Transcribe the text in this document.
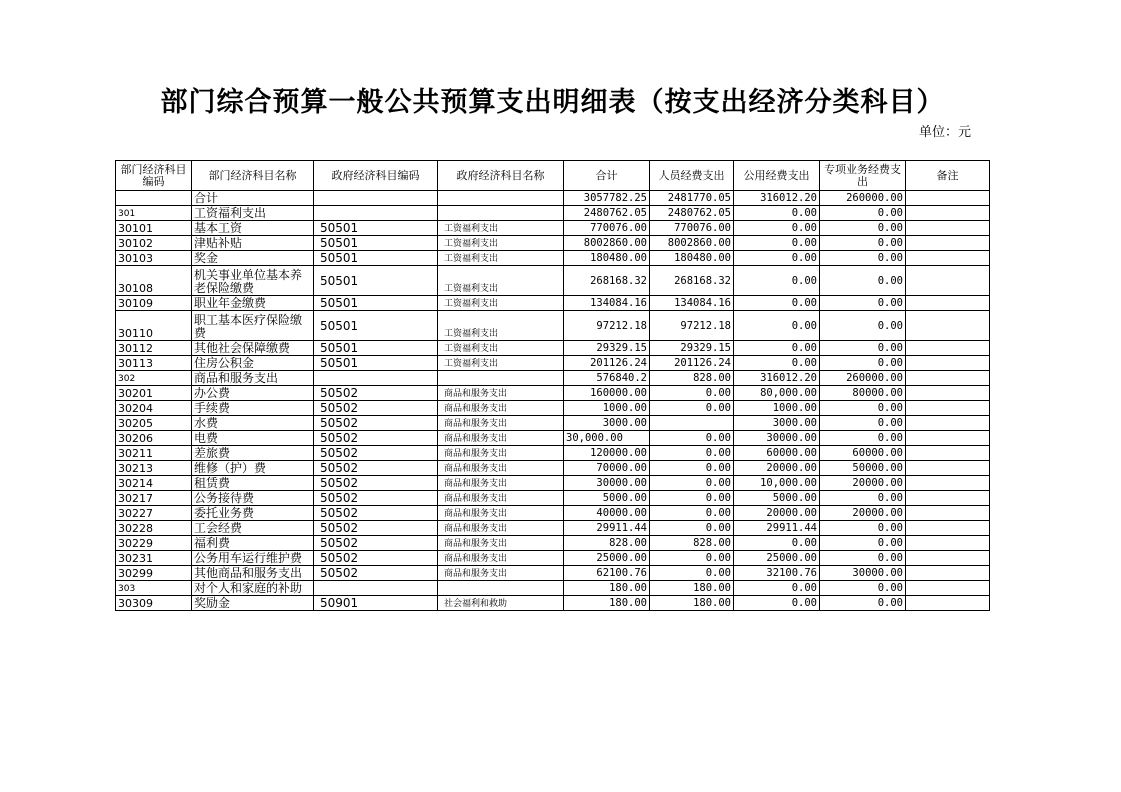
部门综合预算一般公共预算支出明细表（按支出经济分类科目）
单位：元
部门经济科目编码	部门经济科目名称	政府经济科目编码	政府经济科目名称	合计	人员经费支出	公用经费支出	专项业务经费支出	备注
	合计			3057782.25	2481770.05	316012.20	260000.00	
301	工资福利支出			2480762.05	2480762.05	0.00	0.00	
30101	基本工资	50501	工资福利支出	770076.00	770076.00	0.00	0.00	
30102	津贴补贴	50501	工资福利支出	8002860.00	8002860.00	0.00	0.00	
30103	奖金	50501	工资福利支出	180480.00	180480.00	0.00	0.00	
30108	机关事业单位基本养老保险缴费	50501	工资福利支出	268168.32	268168.32	0.00	0.00	
30109	职业年金缴费	50501	工资福利支出	134084.16	134084.16	0.00	0.00	
30110	职工基本医疗保险缴费	50501	工资福利支出	97212.18	97212.18	0.00	0.00	
30112	其他社会保障缴费	50501	工资福利支出	29329.15	29329.15	0.00	0.00	
30113	住房公积金	50501	工资福利支出	201126.24	201126.24	0.00	0.00	
302	商品和服务支出			576840.2	828.00	316012.20	260000.00	
30201	办公费	50502	商品和服务支出	160000.00	0.00	80,000.00	80000.00	
30204	手续费	50502	商品和服务支出	1000.00	0.00	1000.00	0.00	
30205	水费	50502	商品和服务支出	3000.00		3000.00	0.00	
30206	电费	50502	商品和服务支出	30,000.00	0.00	30000.00	0.00	
30211	差旅费	50502	商品和服务支出	120000.00	0.00	60000.00	60000.00	
30213	维修（护）费	50502	商品和服务支出	70000.00	0.00	20000.00	50000.00	
30214	租赁费	50502	商品和服务支出	30000.00	0.00	10,000.00	20000.00	
30217	公务接待费	50502	商品和服务支出	5000.00	0.00	5000.00	0.00	
30227	委托业务费	50502	商品和服务支出	40000.00	0.00	20000.00	20000.00	
30228	工会经费	50502	商品和服务支出	29911.44	0.00	29911.44	0.00	
30229	福利费	50502	商品和服务支出	828.00	828.00	0.00	0.00	
30231	公务用车运行维护费	50502	商品和服务支出	25000.00	0.00	25000.00	0.00	
30299	其他商品和服务支出	50502	商品和服务支出	62100.76	0.00	32100.76	30000.00	
303	对个人和家庭的补助			180.00	180.00	0.00	0.00	
30309	奖励金	50901	社会福利和救助	180.00	180.00	0.00	0.00	
